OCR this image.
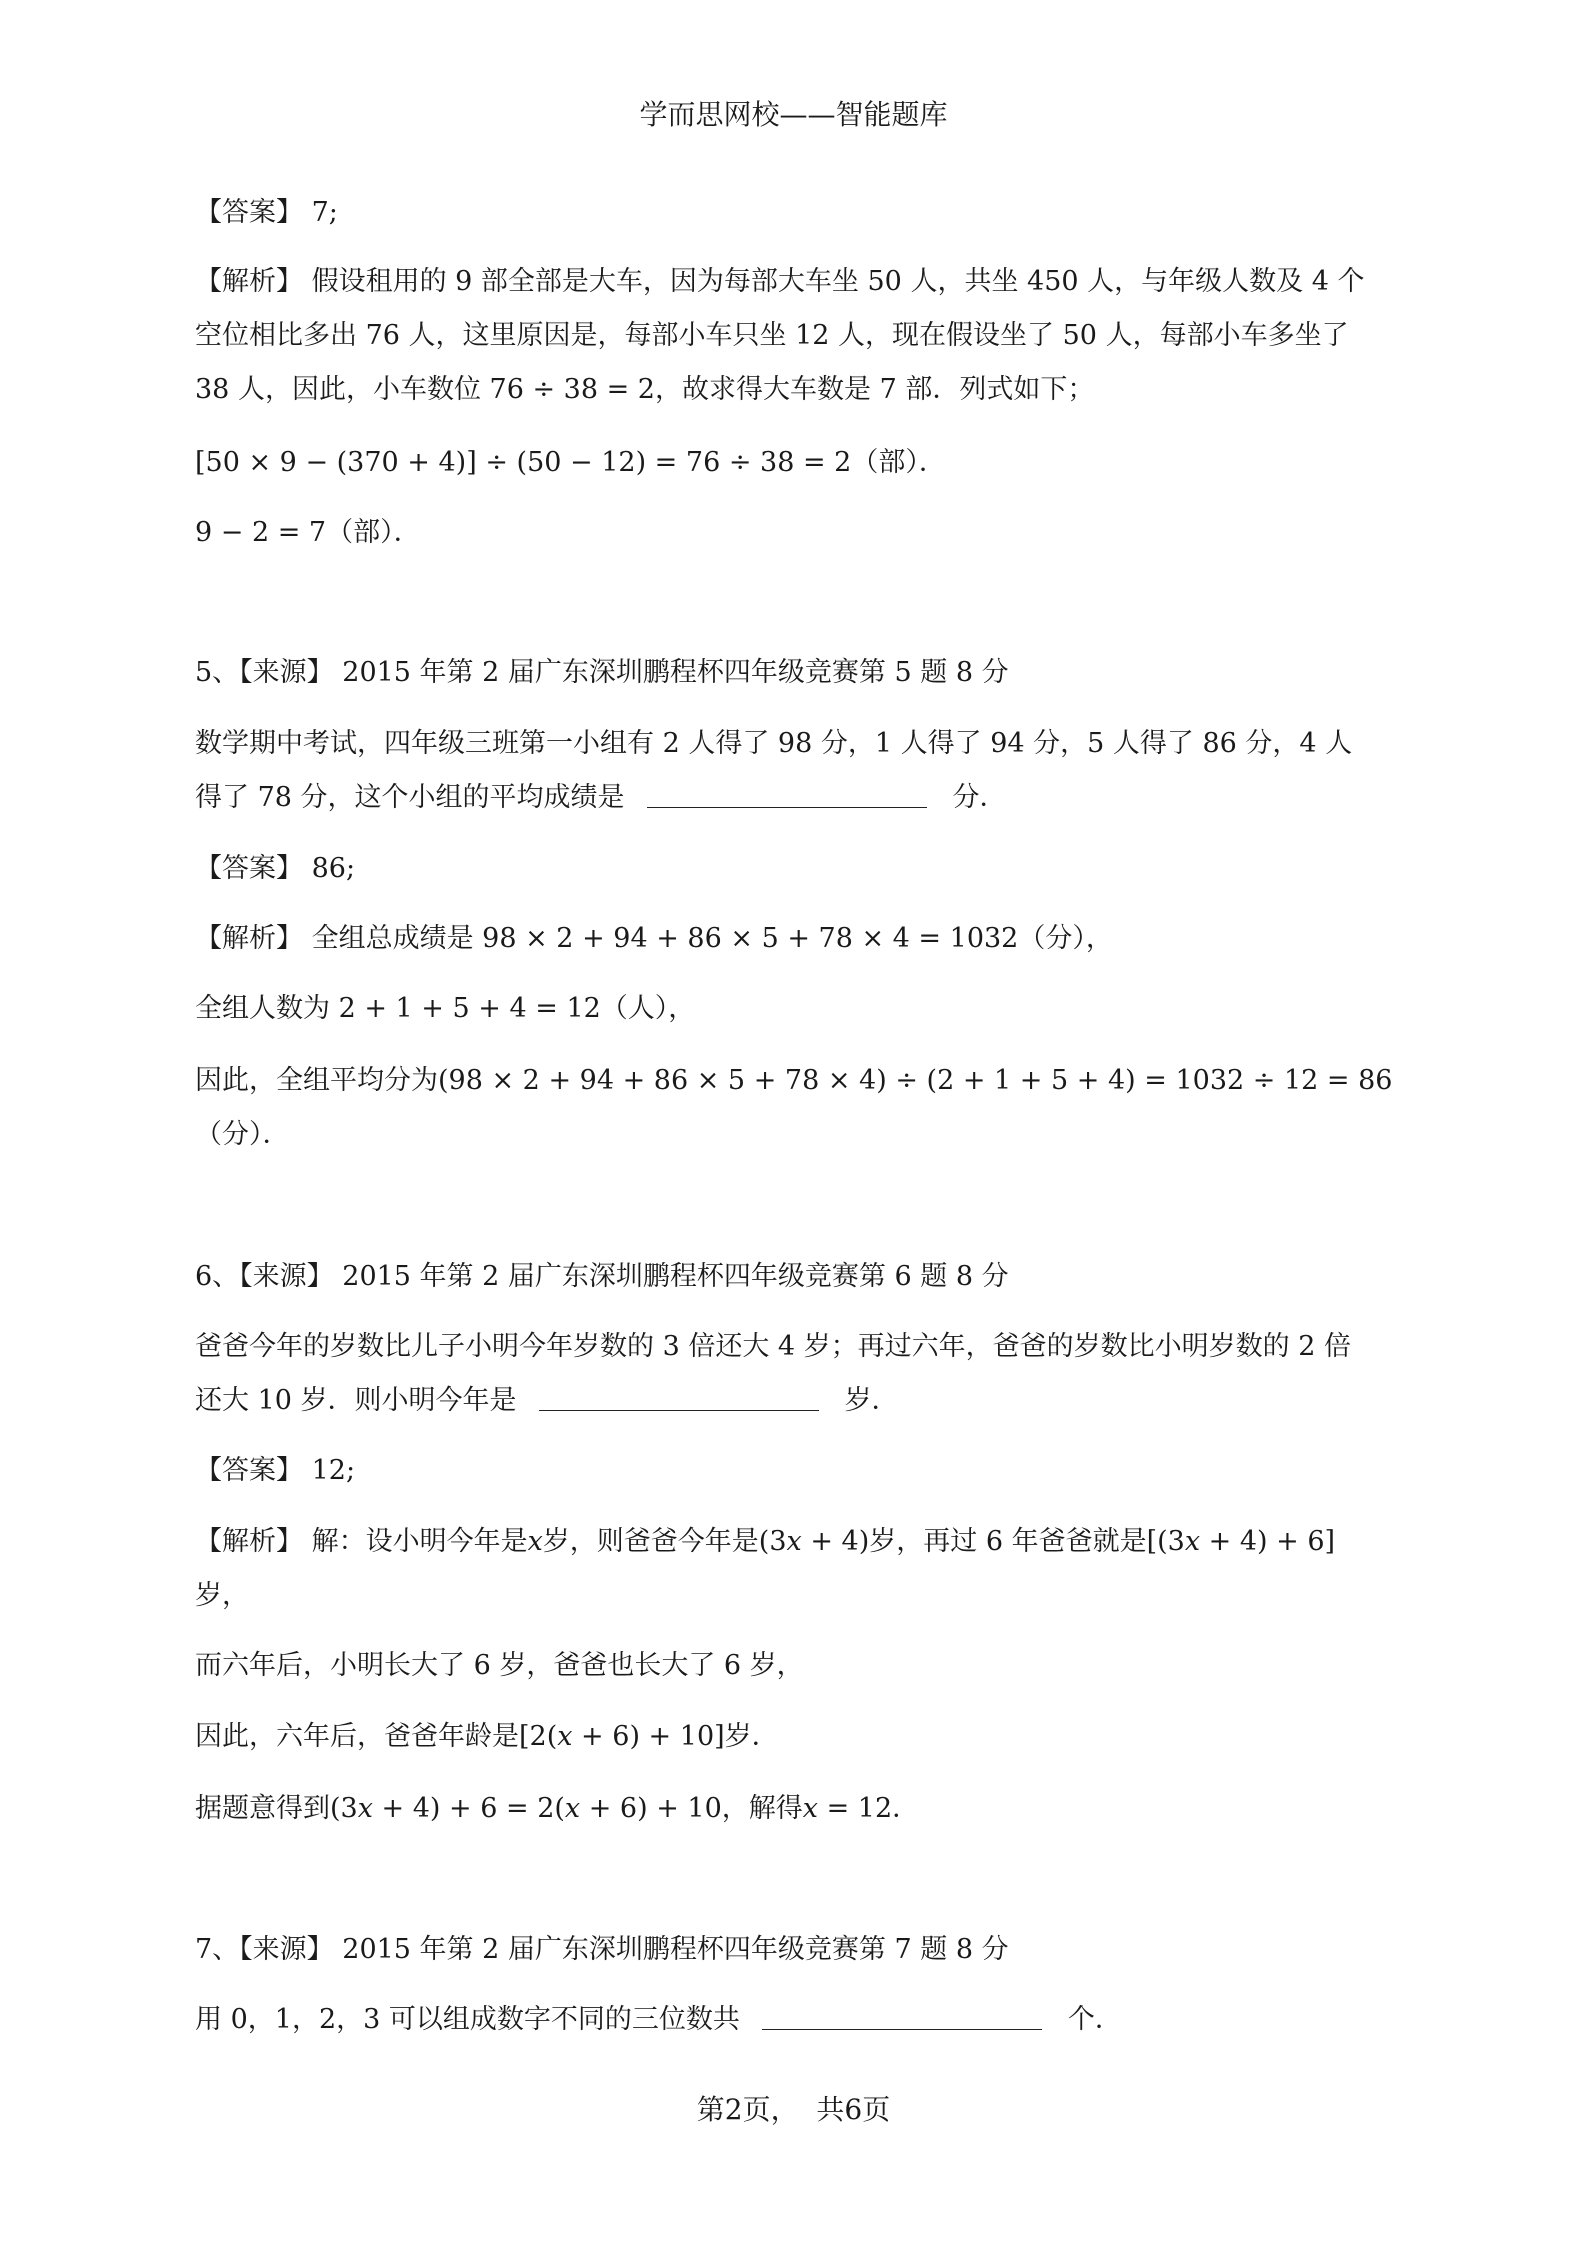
学而思网校——智能题库
【答案】 7;
【解析】 假设租用的 9 部全部是大车，因为每部大车坐 50 人，共坐 450 人，与年级人数及 4 个
空位相比多出 76 人，这里原因是，每部小车只坐 12 人，现在假设坐了 50 人，每部小车多坐了
38 人，因此，小车数位 76 ÷ 38 = 2，故求得大车数是 7 部．列式如下；
[50 × 9 − (370 + 4)] ÷ (50 − 12) = 76 ÷ 38 = 2（部）．
9 − 2 = 7（部）．
5、【来源】 2015 年第 2 届广东深圳鹏程杯四年级竞赛第 5 题 8 分
数学期中考试，四年级三班第一小组有 2 人得了 98 分，1 人得了 94 分，5 人得了 86 分，4 人
得了 78 分，这个小组的平均成绩是	分．
【答案】 86;
【解析】 全组总成绩是 98 × 2 + 94 + 86 × 5 + 78 × 4 = 1032（分），
全组人数为 2 + 1 + 5 + 4 = 12（人），
因此，全组平均分为(98 × 2 + 94 + 86 × 5 + 78 × 4) ÷ (2 + 1 + 5 + 4) = 1032 ÷ 12 = 86
（分）．
6、【来源】 2015 年第 2 届广东深圳鹏程杯四年级竞赛第 6 题 8 分
爸爸今年的岁数比儿子小明今年岁数的 3 倍还大 4 岁；再过六年，爸爸的岁数比小明岁数的 2 倍
还大 10 岁．则小明今年是	岁．
【答案】 12;
【解析】 解：设小明今年是𝑥岁，则爸爸今年是(3𝑥 + 4)岁，再过 6 年爸爸就是[(3𝑥 + 4) + 6]
岁，
而六年后，小明长大了 6 岁，爸爸也长大了 6 岁，
因此，六年后，爸爸年龄是[2(𝑥 + 6) + 10]岁．
据题意得到(3𝑥 + 4) + 6 = 2(𝑥 + 6) + 10，解得𝑥 = 12．
7、【来源】 2015 年第 2 届广东深圳鹏程杯四年级竞赛第 7 题 8 分
用 0，1，2，3 可以组成数字不同的三位数共	个．
第2页，  共6页
